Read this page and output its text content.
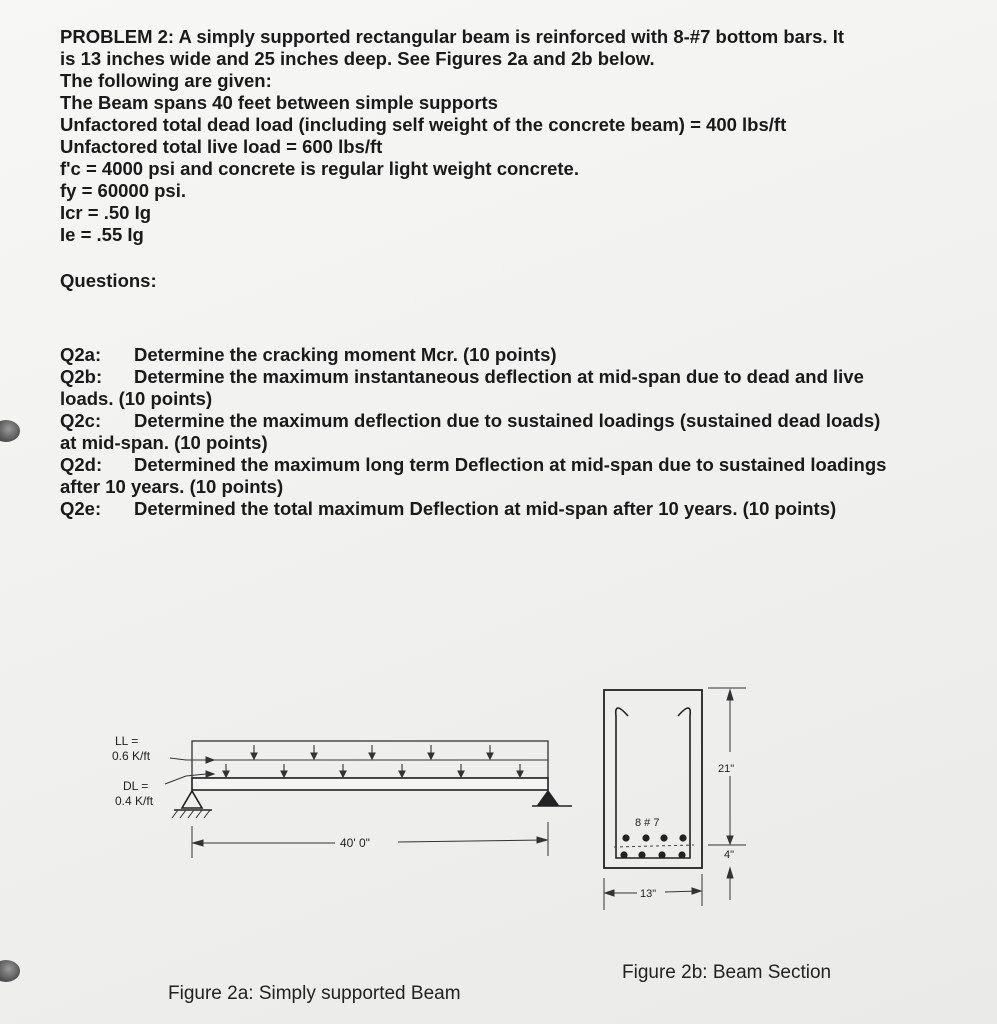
PROBLEM 2: A simply supported rectangular beam is reinforced with 8-#7 bottom bars. It
is 13 inches wide and 25 inches deep. See Figures 2a and 2b below.
The following are given:
The Beam spans 40 feet between simple supports
Unfactored total dead load (including self weight of the concrete beam) = 400 lbs/ft
Unfactored total live load = 600 lbs/ft
f'c = 4000 psi and concrete is regular light weight concrete.
fy = 60000 psi.
Icr = .50 Ig
Ie = .55 Ig
Questions:
Q2a: Determine the cracking moment Mcr. (10 points)
Q2b: Determine the maximum instantaneous deflection at mid-span due to dead and live
loads. (10 points)
Q2c: Determine the maximum deflection due to sustained loadings (sustained dead loads)
at mid-span. (10 points)
Q2d: Determined the maximum long term Deflection at mid-span due to sustained loadings
after 10 years. (10 points)
Q2e: Determined the total maximum Deflection at mid-span after 10 years. (10 points)
LL =
0.6 K/ft
DL =
0.4 K/ft
40' 0"
8 # 7
21"
4"
13"
Figure 2a: Simply supported Beam
Figure 2b: Beam Section
